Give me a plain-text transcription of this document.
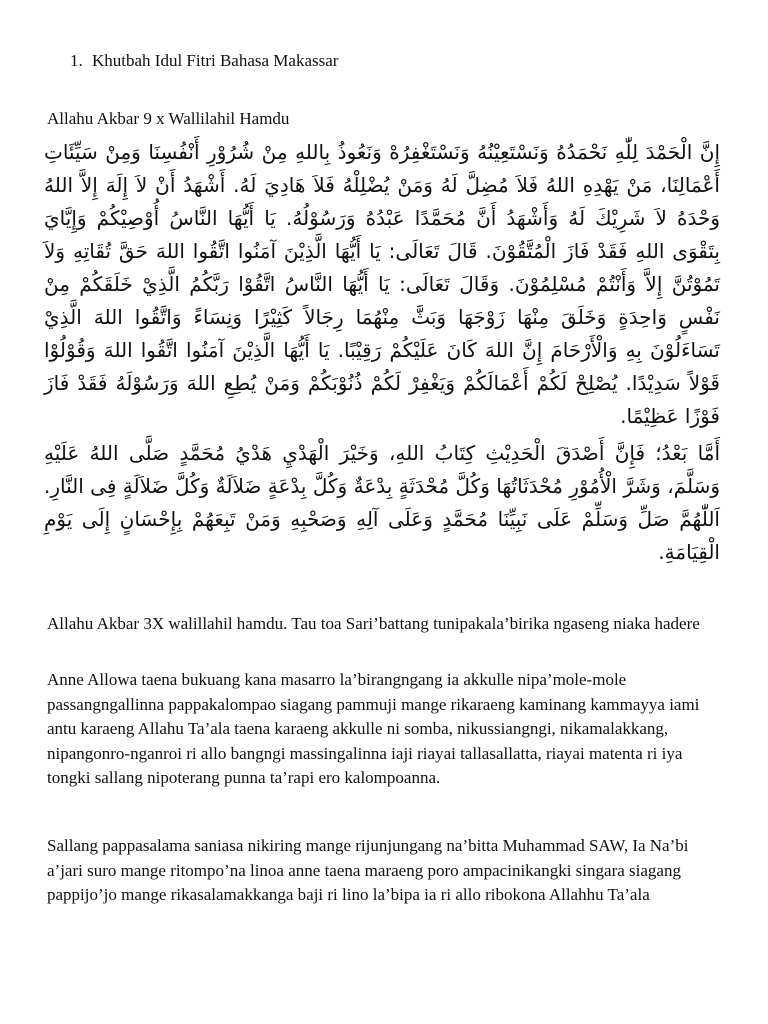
1. Khutbah Idul Fitri Bahasa Makassar
Allahu Akbar 9 x Wallilahil Hamdu

إِنَّ الْحَمْدَ لِلّٰهِ نَحْمَدُهُ وَنَسْتَعِيْنُهُ وَنَسْتَغْفِرُهْ وَنَعُوذُ بِاللهِ مِنْ شُرُوْرِ أَنْفُسِنَا وَمِنْ سَيِّئَاتِ أَعْمَالِنَا، مَنْ يَهْدِهِ اللهُ فَلاَ مُضِلَّ لَهُ وَمَنْ يُضْلِلْهُ فَلاَ هَادِيَ لَهُ. أَشْهَدُ أَنْ لاَ إِلَهَ إِلاَّ اللهُ وَحْدَهُ لاَ شَرِيْكَ لَهُ وَأَشْهَدُ أَنَّ مُحَمَّدًا عَبْدُهُ وَرَسُوْلُهُ. يَا أَيُّهَا النَّاسُ أُوْصِيْكُمْ وَإِيَّايَ بِتَقْوَى اللهِ فَقَدْ فَازَ الْمُتَّقُوْنَ. قَالَ تَعَالَى: يَا أَيُّهَا الَّذِيْنَ آمَنُوا اتَّقُوا اللهَ حَقَّ تُقَاتِهِ وَلاَ تَمُوْتُنَّ إِلاَّ وَأَنْتُمْ مُسْلِمُوْنَ. وَقَالَ تَعَالَى: يَا أَيُّهَا النَّاسُ اتَّقُوْا رَبَّكُمُ الَّذِيْ خَلَقَكُمْ مِنْ نَفْسٍ وَاحِدَةٍ وَخَلَقَ مِنْهَا زَوْجَهَا وَبَثَّ مِنْهُمَا رِجَالاً كَثِيْرًا وَنِسَاءً وَاتَّقُوا اللهَ الَّذِيْ تَسَاءَلُوْنَ بِهِ وَالْأَرْحَامَ إِنَّ اللهَ كَانَ عَلَيْكُمْ رَقِيْبًا. يَا أَيُّهَا الَّذِيْنَ آمَنُوا اتَّقُوا اللهَ وَقُوْلُوْا قَوْلاً سَدِيْدًا. يُصْلِحْ لَكُمْ أَعْمَالَكُمْ وَيَغْفِرْ لَكُمْ ذُنُوْبَكُمْ وَمَنْ يُطِعِ اللهَ وَرَسُوْلَهُ فَقَدْ فَازَ فَوْزًا عَظِيْمًا.

أَمَّا بَعْدُ؛ فَإِنَّ أَصْدَقَ الْحَدِيْثِ كِتَابُ اللهِ، وَخَيْرَ الْهَدْيِ هَدْيُ مُحَمَّدٍ صَلَّى اللهُ عَلَيْهِ وَسَلَّمَ، وَشَرَّ الْأُمُوْرِ مُحْدَثَاتُهَا وَكُلَّ مُحْدَثَةٍ بِدْعَةٌ وَكُلَّ بِدْعَةٍ ضَلاَلَةٌ وَكُلَّ ضَلاَلَةٍ فِى النَّارِ. اَللّٰهُمَّ صَلِّ وَسَلِّمْ عَلَى نَبِيِّنَا مُحَمَّدٍ وَعَلَى آلِهِ وَصَحْبِهِ وَمَنْ تَبِعَهُمْ بِإِحْسَانٍ إِلَى يَوْمِ الْقِيَامَةِ.

Allahu Akbar 3X walillahil hamdu. Tau toa Sari’battang tunipakala’birika ngaseng niaka hadere

Anne Allowa taena bukuang kana masarro la’birangngang ia akkulle nipa’mole-mole passangngallinna pappakalompao siagang pammuji mange rikaraeng kaminang kammayya iami antu karaeng Allahu Ta’ala taena karaeng akkulle ni somba, nikussiangngi, nikamalakkang, nipangonro-nganroi ri allo bangngi massingalinna iaji riayai tallasallatta, riayai matenta ri iya tongki sallang nipoterang punna ta’rapi ero kalompoanna.

Sallang pappasalama saniasa nikiring mange rijunjungang na’bitta Muhammad SAW, Ia Na’bi a’jari suro mange ritompo’na linoa anne taena maraeng poro ampacinikangki singara siagang pappijo’jo mange rikasalamakkanga baji ri lino la’bipa ia ri allo ribokona Allahhu Ta’ala
